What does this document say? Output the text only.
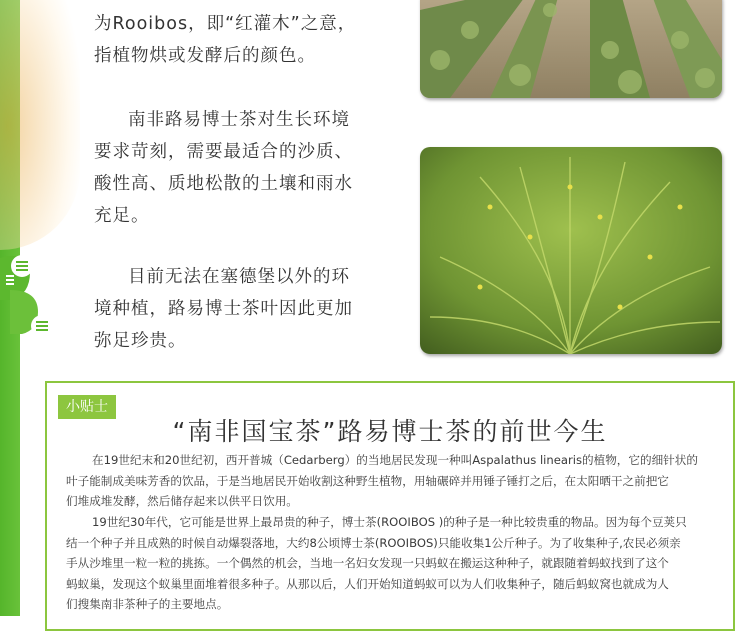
为Rooibos，即“红灌木”之意，
指植物烘或发酵后的颜色。
南非路易博士茶对生长环境
要求苛刻，需要最适合的沙质、
酸性高、质地松散的土壤和雨水
充足。
目前无法在塞德堡以外的环
境种植，路易博士茶叶因此更加
弥足珍贵。
小贴士
“南非国宝茶”路易博士茶的前世今生
在19世纪末和20世纪初，西开普城（Cedarberg）的当地居民发现一种叫Aspalathus linearis的植物，它的细针状的
叶子能制成美味芳香的饮品，于是当地居民开始收割这种野生植物，用轴碾碎并用锤子锤打之后，在太阳晒干之前把它
们堆成堆发酵，然后储存起来以供平日饮用。
19世纪30年代，它可能是世界上最昂贵的种子，博士茶(ROOIBOS )的种子是一种比较贵重的物品。因为每个豆荚只
结一个种子并且成熟的时候自动爆裂落地，大约8公顷博士茶(ROOIBOS)只能收集1公斤种子。为了收集种子,农民必须亲
手从沙堆里一粒一粒的挑拣。一个偶然的机会，当地一名妇女发现一只蚂蚁在搬运这种种子，就跟随着蚂蚁找到了这个
蚂蚁巢，发现这个蚁巢里面堆着很多种子。从那以后，人们开始知道蚂蚁可以为人们收集种子，随后蚂蚁窝也就成为人
们搜集南非茶种子的主要地点。
